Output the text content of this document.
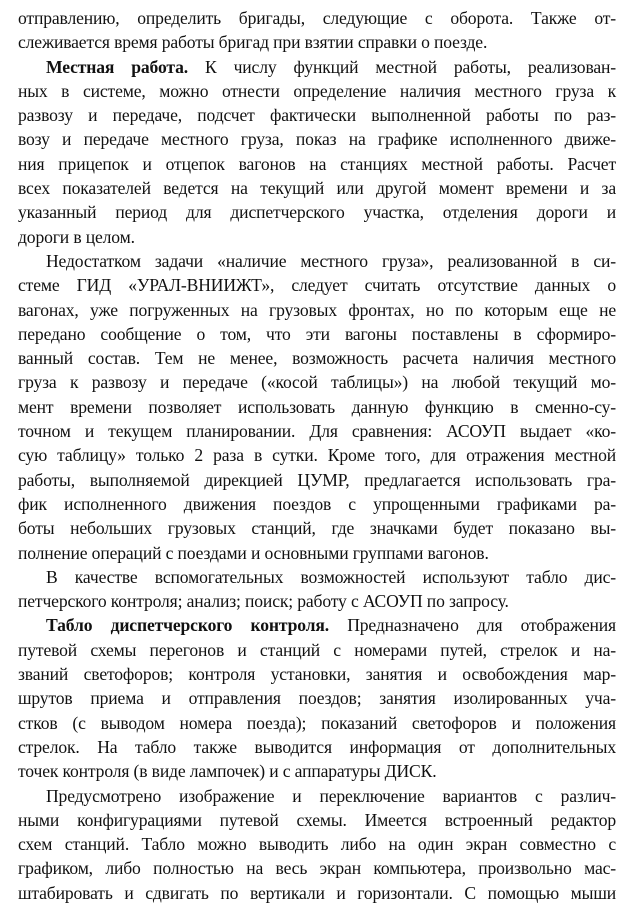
отправлению, определить бригады, следующие с оборота. Также от-
слеживается время работы бригад при взятии справки о поезде.
Местная работа. К числу функций местной работы, реализован-
ных в системе, можно отнести определение наличия местного груза к
развозу и передаче, подсчет фактически выполненной работы по раз-
возу и передаче местного груза, показ на графике исполненного движе-
ния прицепок и отцепок вагонов на станциях местной работы. Расчет
всех показателей ведется на текущий или другой момент времени и за
указанный период для диспетчерского участка, отделения дороги и
дороги в целом.
Недостатком задачи «наличие местного груза», реализованной в си-
стеме ГИД «УРАЛ-ВНИИЖТ», следует считать отсутствие данных о
вагонах, уже погруженных на грузовых фронтах, но по которым еще не
передано сообщение о том, что эти вагоны поставлены в сформиро-
ванный состав. Тем не менее, возможность расчета наличия местного
груза к развозу и передаче («косой таблицы») на любой текущий мо-
мент времени позволяет использовать данную функцию в сменно-су-
точном и текущем планировании. Для сравнения: АСОУП выдает «ко-
сую таблицу» только 2 раза в сутки. Кроме того, для отражения местной
работы, выполняемой дирекцией ЦУМР, предлагается использовать гра-
фик исполненного движения поездов с упрощенными графиками ра-
боты небольших грузовых станций, где значками будет показано вы-
полнение операций с поездами и основными группами вагонов.
В качестве вспомогательных возможностей используют табло дис-
петчерского контроля; анализ; поиск; работу с АСОУП по запросу.
Табло диспетчерского контроля. Предназначено для отображения
путевой схемы перегонов и станций с номерами путей, стрелок и на-
званий светофоров; контроля установки, занятия и освобождения мар-
шрутов приема и отправления поездов; занятия изолированных уча-
стков (с выводом номера поезда); показаний светофоров и положения
стрелок. На табло также выводится информация от дополнительных
точек контроля (в виде лампочек) и с аппаратуры ДИСК.
Предусмотрено изображение и переключение вариантов с различ-
ными конфигурациями путевой схемы. Имеется встроенный редактор
схем станций. Табло можно выводить либо на один экран совместно с
графиком, либо полностью на весь экран компьютера, произвольно мас-
штабировать и сдвигать по вертикали и горизонтали. С помощью мыши
